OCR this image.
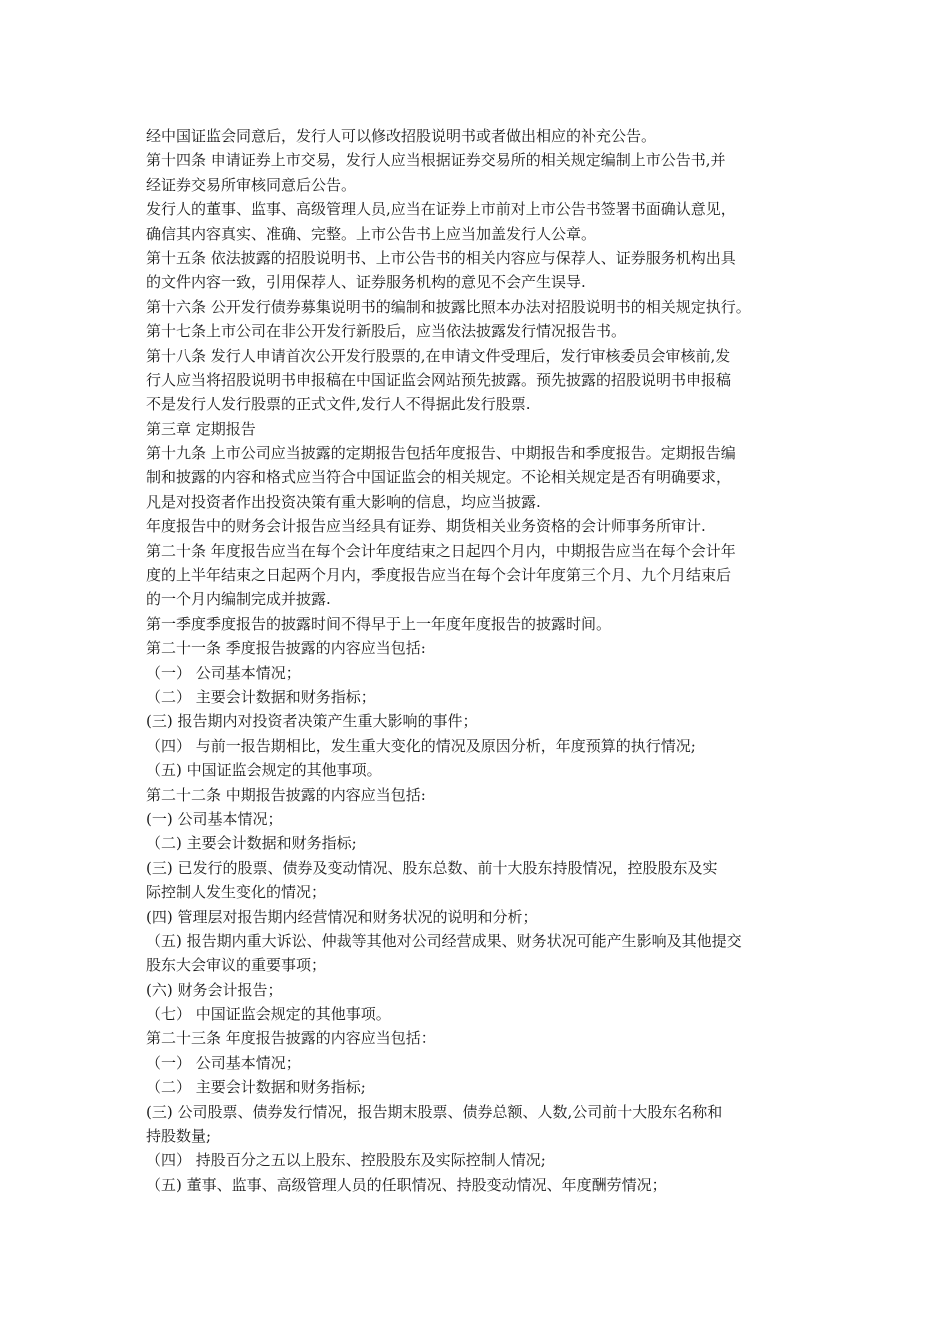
经中国证监会同意后，发行人可以修改招股说明书或者做出相应的补充公告。
第十四条 申请证券上市交易，发行人应当根据证券交易所的相关规定编制上市公告书,并
经证券交易所审核同意后公告。
发行人的董事、监事、高级管理人员,应当在证券上市前对上市公告书签署书面确认意见，
确信其内容真实、准确、完整。上市公告书上应当加盖发行人公章。
第十五条 依法披露的招股说明书、上市公告书的相关内容应与保荐人、证券服务机构出具
的文件内容一致，引用保荐人、证券服务机构的意见不会产生误导.
第十六条 公开发行债券募集说明书的编制和披露比照本办法对招股说明书的相关规定执行。
第十七条上市公司在非公开发行新股后，应当依法披露发行情况报告书。
第十八条 发行人申请首次公开发行股票的,在申请文件受理后，发行审核委员会审核前,发
行人应当将招股说明书申报稿在中国证监会网站预先披露。预先披露的招股说明书申报稿
不是发行人发行股票的正式文件,发行人不得据此发行股票.
第三章 定期报告
第十九条 上市公司应当披露的定期报告包括年度报告、中期报告和季度报告。定期报告编
制和披露的内容和格式应当符合中国证监会的相关规定。不论相关规定是否有明确要求，
凡是对投资者作出投资决策有重大影响的信息，均应当披露.
年度报告中的财务会计报告应当经具有证券、期货相关业务资格的会计师事务所审计.
第二十条 年度报告应当在每个会计年度结束之日起四个月内，中期报告应当在每个会计年
度的上半年结束之日起两个月内，季度报告应当在每个会计年度第三个月、九个月结束后
的一个月内编制完成并披露.
第一季度季度报告的披露时间不得早于上一年度年度报告的披露时间。
第二十一条 季度报告披露的内容应当包括:
（一） 公司基本情况；
（二） 主要会计数据和财务指标；
(三) 报告期内对投资者决策产生重大影响的事件；
（四） 与前一报告期相比，发生重大变化的情况及原因分析，年度预算的执行情况;
（五) 中国证监会规定的其他事项。
第二十二条 中期报告披露的内容应当包括:
(一) 公司基本情况；
（二) 主要会计数据和财务指标;
(三) 已发行的股票、债券及变动情况、股东总数、前十大股东持股情况，控股股东及实
际控制人发生变化的情况；
(四) 管理层对报告期内经营情况和财务状况的说明和分析；
（五) 报告期内重大诉讼、仲裁等其他对公司经营成果、财务状况可能产生影响及其他提交
股东大会审议的重要事项；
(六) 财务会计报告；
（七） 中国证监会规定的其他事项。
第二十三条 年度报告披露的内容应当包括：
（一） 公司基本情况；
（二） 主要会计数据和财务指标;
(三) 公司股票、债券发行情况，报告期末股票、债券总额、人数,公司前十大股东名称和
持股数量;
（四） 持股百分之五以上股东、控股股东及实际控制人情况;
（五) 董事、监事、高级管理人员的任职情况、持股变动情况、年度酬劳情况；
